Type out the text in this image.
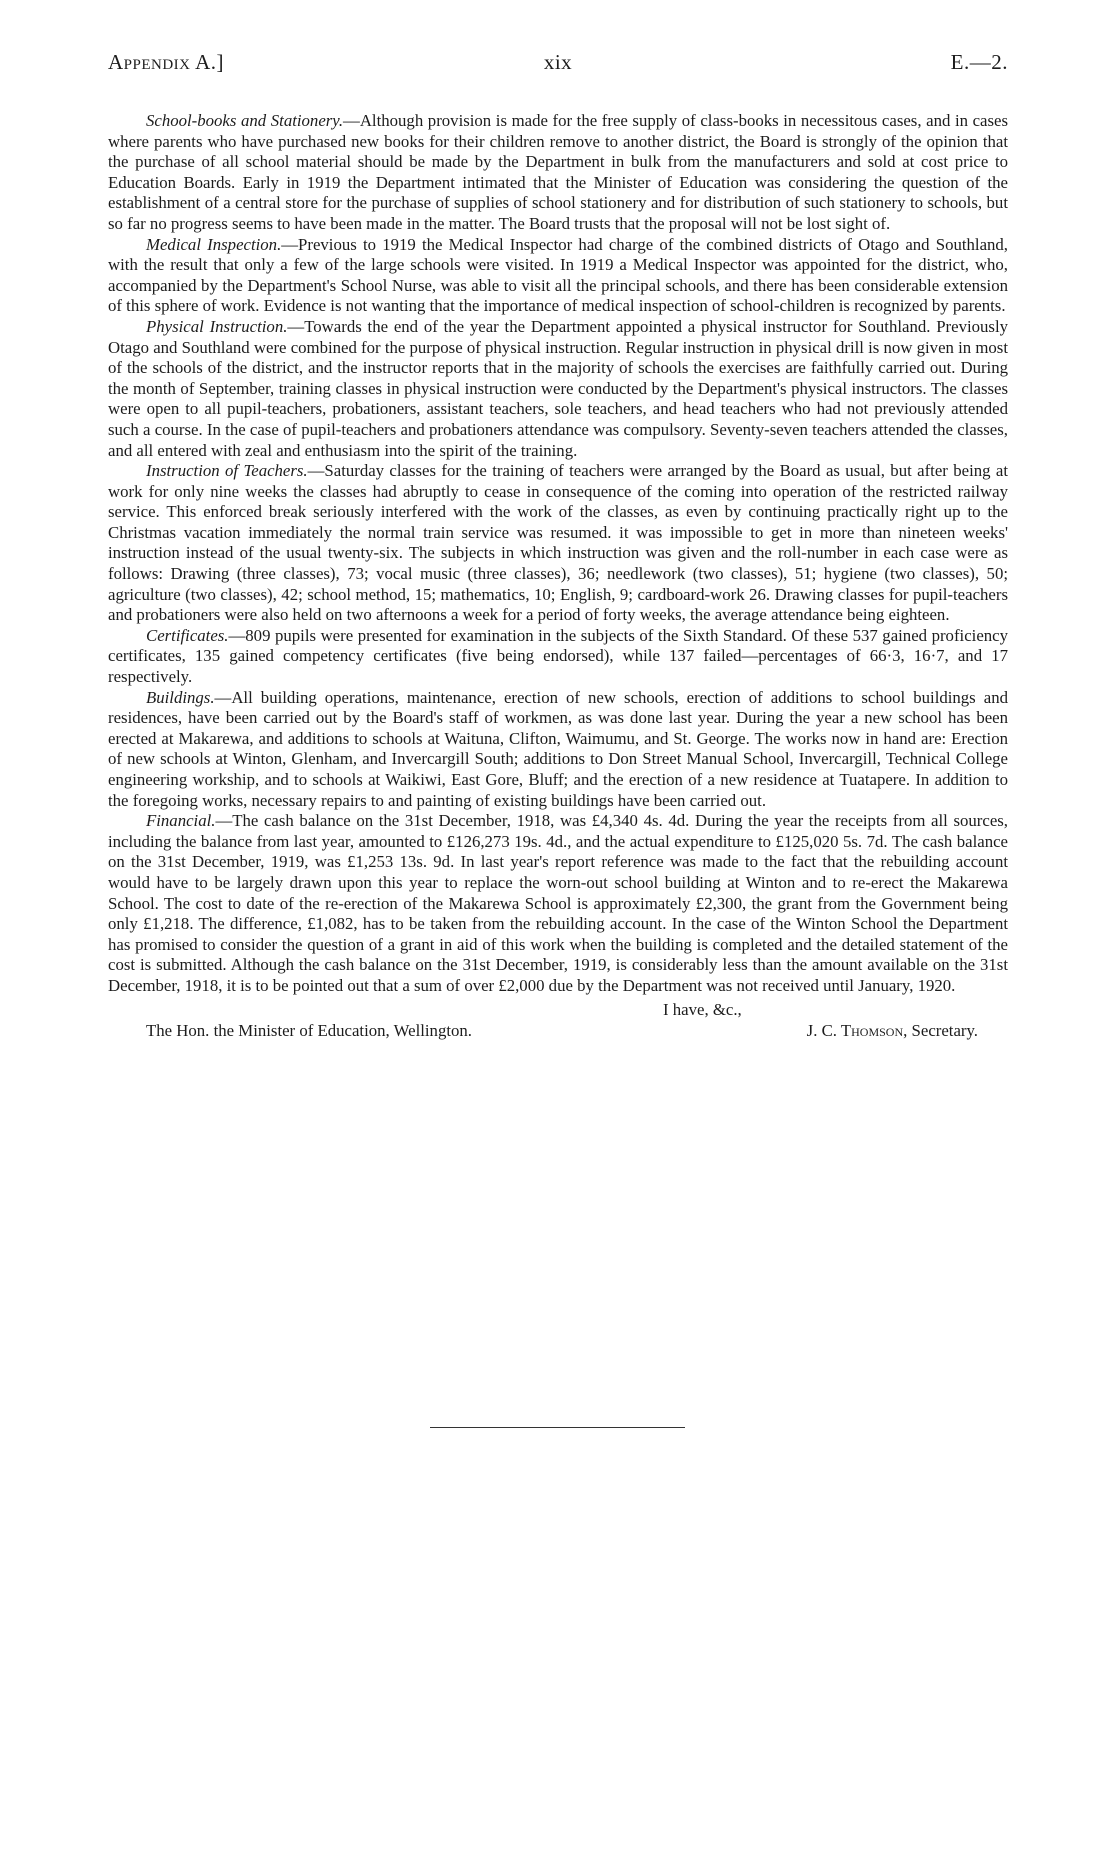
Appendix A.]	xix	E.—2.

School-books and Stationery.—Although provision is made for the free supply of class-books in necessitous cases, and in cases where parents who have purchased new books for their children remove to another district, the Board is strongly of the opinion that the purchase of all school material should be made by the Department in bulk from the manufacturers and sold at cost price to Education Boards. Early in 1919 the Department intimated that the Minister of Education was considering the question of the establishment of a central store for the purchase of supplies of school stationery and for distribution of such stationery to schools, but so far no progress seems to have been made in the matter. The Board trusts that the proposal will not be lost sight of.

Medical Inspection.—Previous to 1919 the Medical Inspector had charge of the combined districts of Otago and Southland, with the result that only a few of the large schools were visited. In 1919 a Medical Inspector was appointed for the district, who, accompanied by the Department's School Nurse, was able to visit all the principal schools, and there has been considerable extension of this sphere of work. Evidence is not wanting that the importance of medical inspection of school-children is recognized by parents.

Physical Instruction.—Towards the end of the year the Department appointed a physical instructor for Southland. Previously Otago and Southland were combined for the purpose of physical instruction. Regular instruction in physical drill is now given in most of the schools of the district, and the instructor reports that in the majority of schools the exercises are faithfully carried out. During the month of September, training classes in physical instruction were conducted by the Department's physical instructors. The classes were open to all pupil-teachers, probationers, assistant teachers, sole teachers, and head teachers who had not previously attended such a course. In the case of pupil-teachers and probationers attendance was compulsory. Seventy-seven teachers attended the classes, and all entered with zeal and enthusiasm into the spirit of the training.

Instruction of Teachers.—Saturday classes for the training of teachers were arranged by the Board as usual, but after being at work for only nine weeks the classes had abruptly to cease in consequence of the coming into operation of the restricted railway service. This enforced break seriously interfered with the work of the classes, as even by continuing practically right up to the Christmas vacation immediately the normal train service was resumed. it was impossible to get in more than nineteen weeks' instruction instead of the usual twenty-six. The subjects in which instruction was given and the roll-number in each case were as follows: Drawing (three classes), 73; vocal music (three classes), 36; needlework (two classes), 51; hygiene (two classes), 50; agriculture (two classes), 42; school method, 15; mathematics, 10; English, 9; cardboard-work 26. Drawing classes for pupil-teachers and probationers were also held on two afternoons a week for a period of forty weeks, the average attendance being eighteen.

Certificates.—809 pupils were presented for examination in the subjects of the Sixth Standard. Of these 537 gained proficiency certificates, 135 gained competency certificates (five being endorsed), while 137 failed—percentages of 66·3, 16·7, and 17 respectively.

Buildings.—All building operations, maintenance, erection of new schools, erection of additions to school buildings and residences, have been carried out by the Board's staff of workmen, as was done last year. During the year a new school has been erected at Makarewa, and additions to schools at Waituna, Clifton, Waimumu, and St. George. The works now in hand are: Erection of new schools at Winton, Glenham, and Invercargill South; additions to Don Street Manual School, Invercargill, Technical College engineering workship, and to schools at Waikiwi, East Gore, Bluff; and the erection of a new residence at Tuatapere. In addition to the foregoing works, necessary repairs to and painting of existing buildings have been carried out.

Financial.—The cash balance on the 31st December, 1918, was £4,340 4s. 4d. During the year the receipts from all sources, including the balance from last year, amounted to £126,273 19s. 4d., and the actual expenditure to £125,020 5s. 7d. The cash balance on the 31st December, 1919, was £1,253 13s. 9d. In last year's report reference was made to the fact that the rebuilding account would have to be largely drawn upon this year to replace the worn-out school building at Winton and to re-erect the Makarewa School. The cost to date of the re-erection of the Makarewa School is approximately £2,300, the grant from the Government being only £1,218. The difference, £1,082, has to be taken from the rebuilding account. In the case of the Winton School the Department has promised to consider the question of a grant in aid of this work when the building is completed and the detailed statement of the cost is submitted. Although the cash balance on the 31st December, 1919, is considerably less than the amount available on the 31st December, 1918, it is to be pointed out that a sum of over £2,000 due by the Department was not received until January, 1920.

I have, &c.,
The Hon. the Minister of Education, Wellington.	J. C. Thomson, Secretary.
